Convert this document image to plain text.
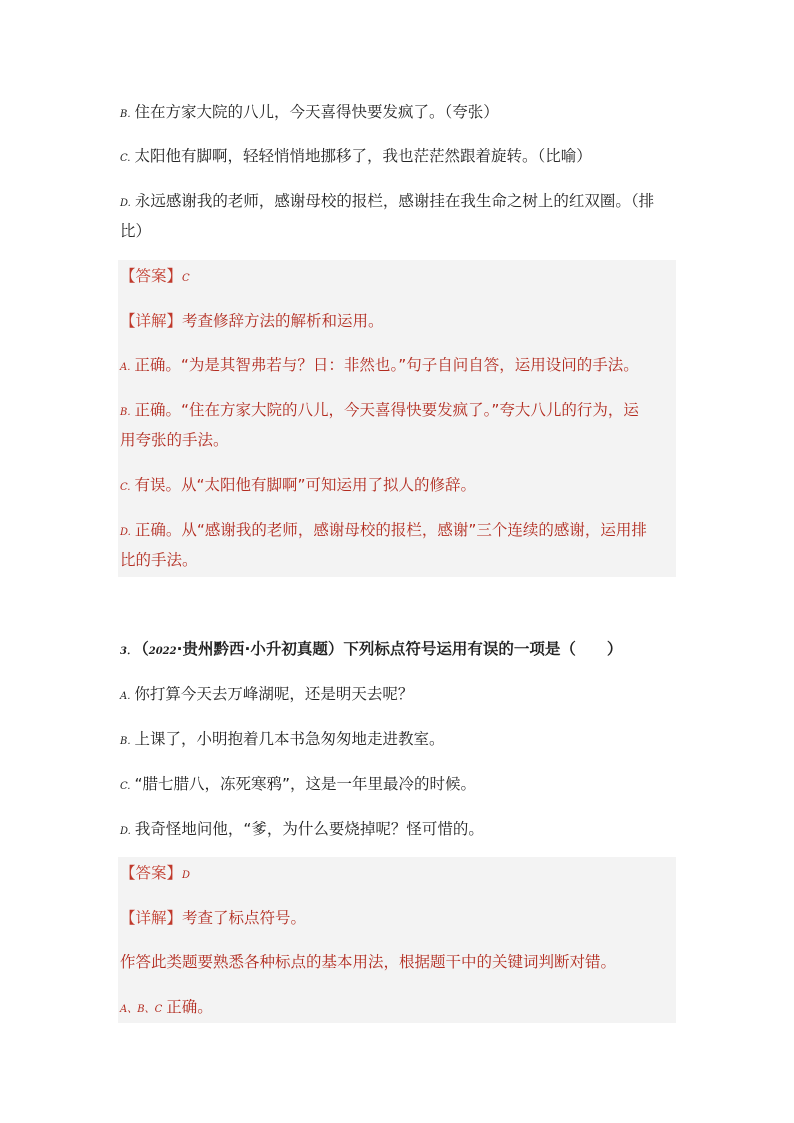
B. 住在方家大院的八儿，今天喜得快要发疯了。（夸张）
C. 太阳他有脚啊，轻轻悄悄地挪移了，我也茫茫然跟着旋转。（比喻）
D. 永远感谢我的老师，感谢母校的报栏，感谢挂在我生命之树上的红双圈。（排
比）
【答案】C
【详解】考查修辞方法的解析和运用。
A. 正确。“为是其智弗若与？日：非然也。”句子自问自答，运用设问的手法。
B. 正确。“住在方家大院的八儿，今天喜得快要发疯了。”夸大八儿的行为，运
用夸张的手法。
C. 有误。从“太阳他有脚啊”可知运用了拟人的修辞。
D. 正确。从“感谢我的老师，感谢母校的报栏，感谢”三个连续的感谢，运用排
比的手法。
3． （2022·贵州黔西·小升初真题）下列标点符号运用有误的一项是（　　）
A. 你打算今天去万峰湖呢，还是明天去呢？
B. 上课了，小明抱着几本书急匆匆地走进教室。
C. “腊七腊八，冻死寒鸦”，这是一年里最冷的时候。
D. 我奇怪地问他，“爹，为什么要烧掉呢？怪可惜的。
【答案】D
【详解】考查了标点符号。
作答此类题要熟悉各种标点的基本用法，根据题干中的关键词判断对错。
A、B、C 正确。
